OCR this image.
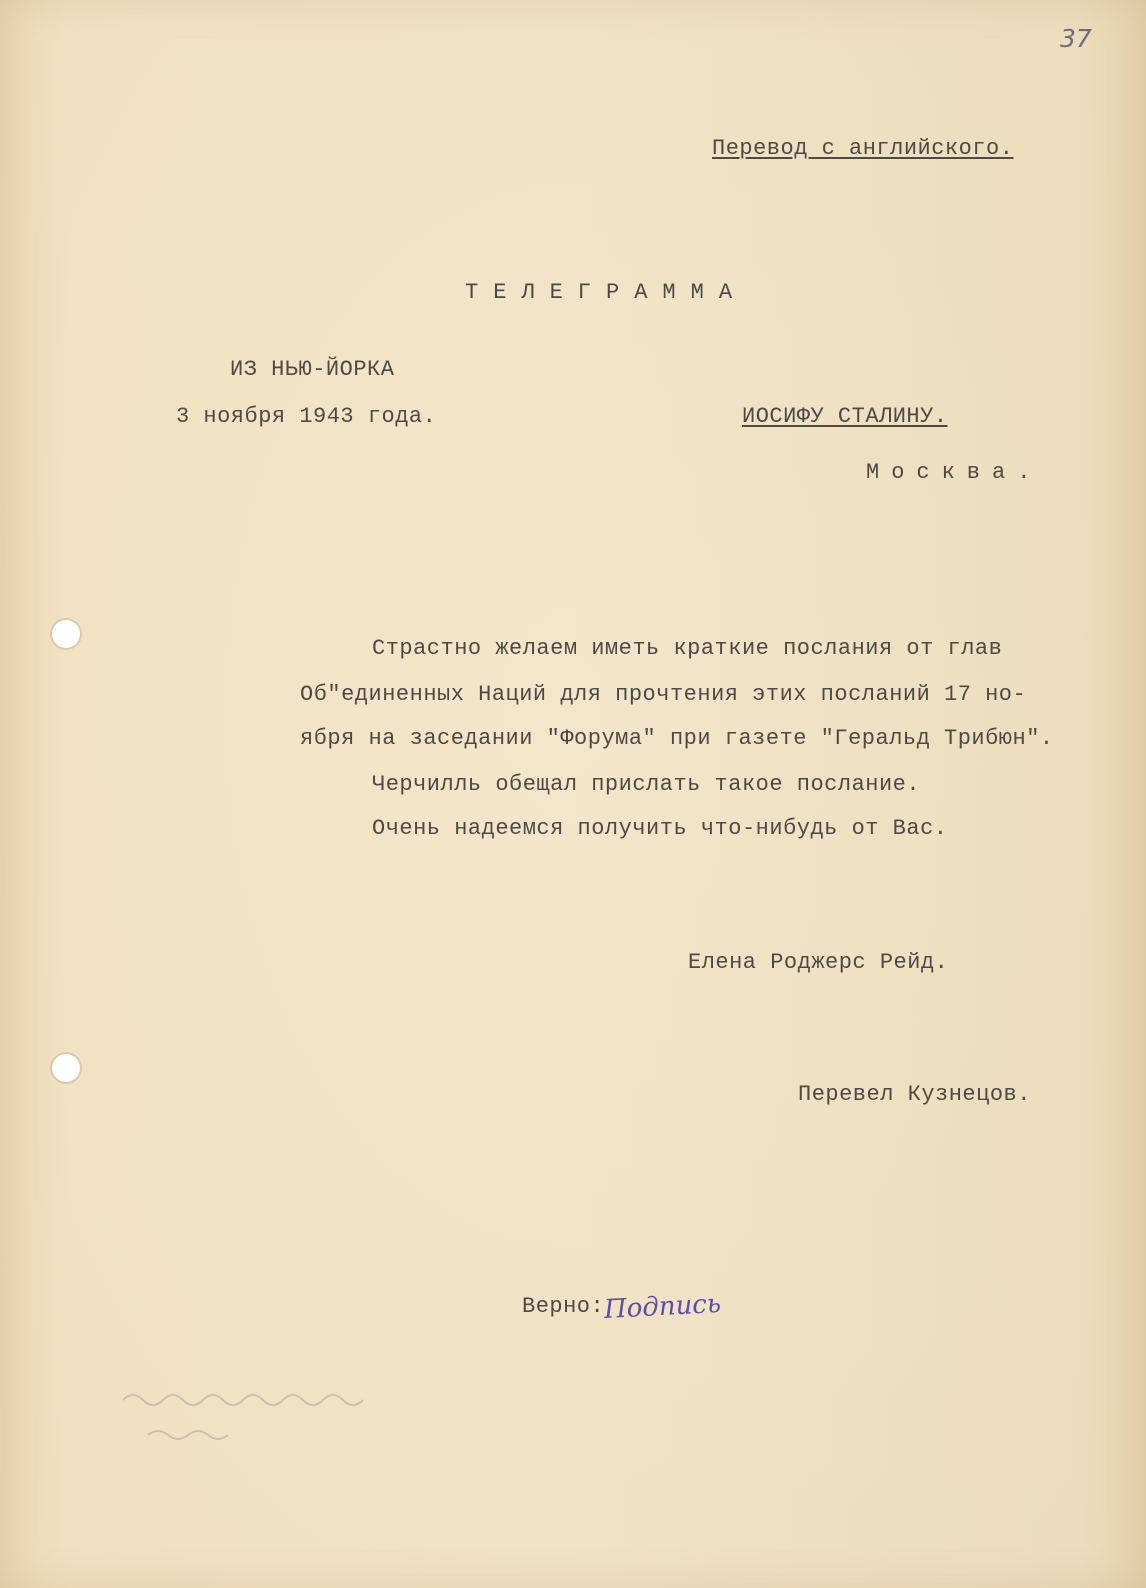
37
Перевод с английского.
ТЕЛЕГРАММА
ИЗ НЬЮ-ЙОРКА
3 ноября 1943 года.	ИОСИФУ СТАЛИНУ.
Москва.
Страстно желаем иметь краткие послания от глав
Об"единенных Наций для прочтения этих посланий 17 но-
ября на заседании "Форума" при газете "Геральд Трибюн".
Черчилль обещал прислать такое послание.
Очень надеемся получить что-нибудь от Вас.
Елена Роджерс Рейд.
Перевел Кузнецов.
Верно: Подпись
